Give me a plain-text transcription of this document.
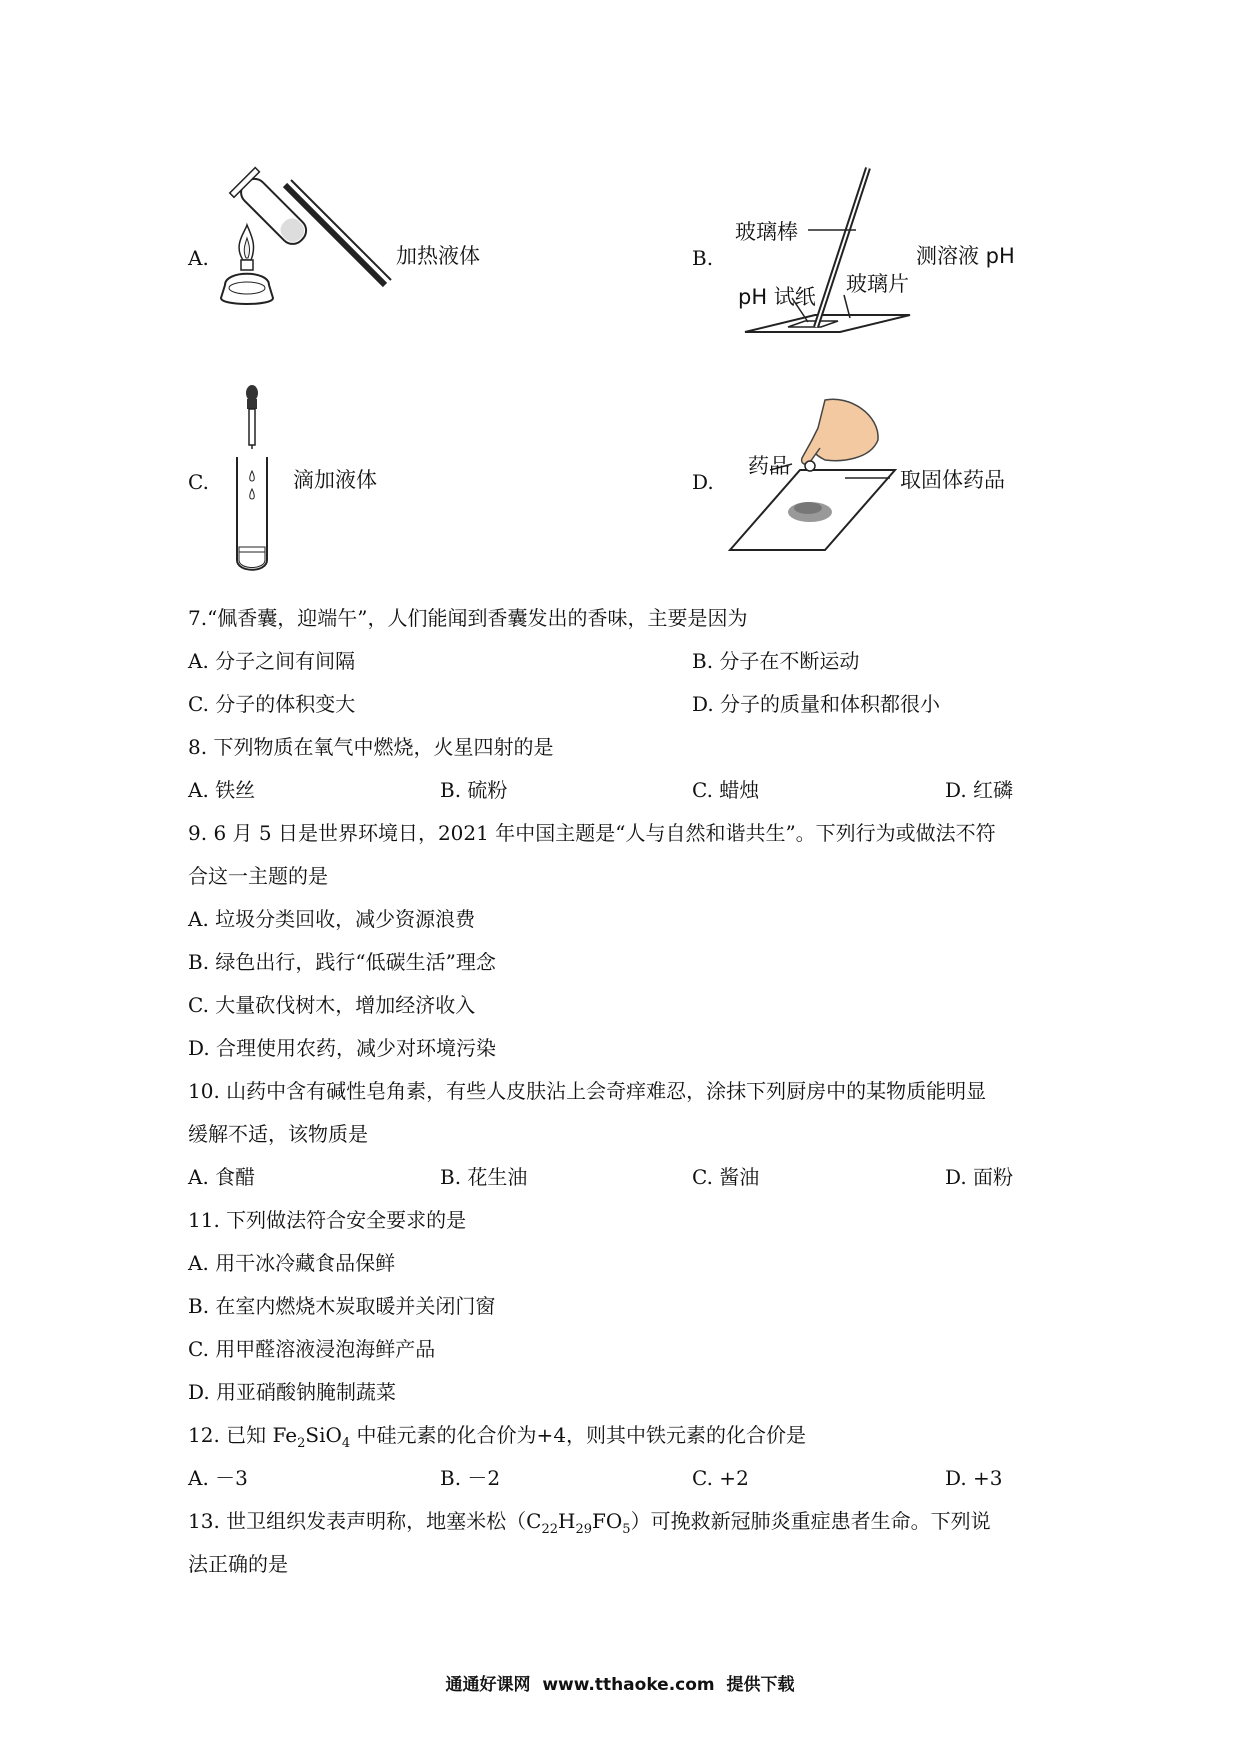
A.	加热液体	B.
玻璃棒
pH 试纸
玻璃片
测溶液 pH
C.	滴加液体	D.
药品
取固体药品
7.“佩香囊，迎端午”，人们能闻到香囊发出的香味，主要是因为
A. 分子之间有间隔	B. 分子在不断运动
C. 分子的体积变大	D. 分子的质量和体积都很小
8. 下列物质在氧气中燃烧，火星四射的是
A. 铁丝	B. 硫粉	C. 蜡烛	D. 红磷
9. 6 月 5 日是世界环境日，2021 年中国主题是“人与自然和谐共生”。下列行为或做法不符
合这一主题的是
A. 垃圾分类回收，减少资源浪费
B. 绿色出行，践行“低碳生活”理念
C. 大量砍伐树木，增加经济收入
D. 合理使用农药，减少对环境污染
10. 山药中含有碱性皂角素，有些人皮肤沾上会奇痒难忍，涂抹下列厨房中的某物质能明显
缓解不适，该物质是
A. 食醋	B. 花生油	C. 酱油	D. 面粉
11. 下列做法符合安全要求的是
A. 用干冰冷藏食品保鲜
B. 在室内燃烧木炭取暖并关闭门窗
C. 用甲醛溶液浸泡海鲜产品
D. 用亚硝酸钠腌制蔬菜
12. 已知 $Fe_2SiO_4$ 中硅元素的化合价为+4，则其中铁元素的化合价是
A. －3	B. －2	C. +2	D. +3
13. 世卫组织发表声明称，地塞米松$(C_{22}H_{29}FO_5)$可挽救新冠肺炎重症患者生命。下列说
法正确的是
通通好课网  www.tthaoke.com  提供下载
